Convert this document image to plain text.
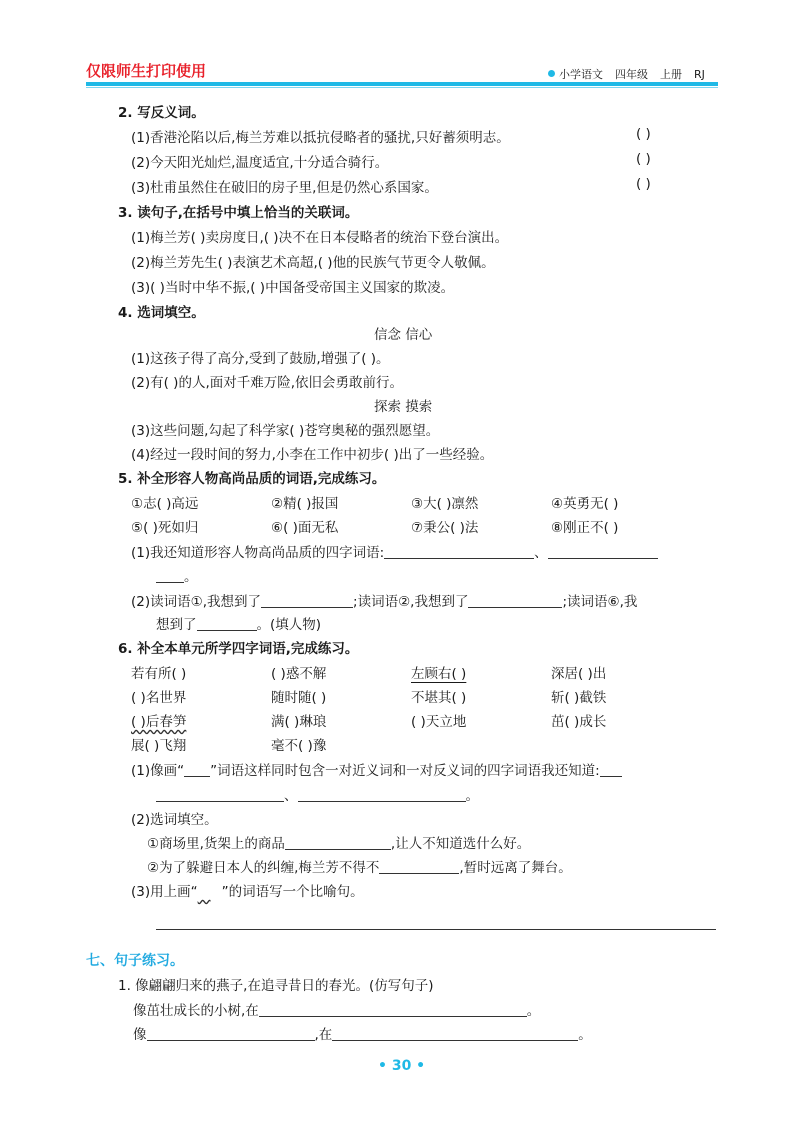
仅限师生打印使用	小学语文 四年级 上册 RJ
2. 写反义词。
(1)香港沦陷以后,梅兰芳难以抵抗侵略者的骚扰,只好蓄须明志。	( )
(2)今天阳光灿烂,温度适宜,十分适合骑行。	( )
(3)杜甫虽然住在破旧的房子里,但是仍然心系国家。	( )
3. 读句子,在括号中填上恰当的关联词。
(1)梅兰芳( )卖房度日,( )决不在日本侵略者的统治下登台演出。
(2)梅兰芳先生( )表演艺术高超,( )他的民族气节更令人敬佩。
(3)( )当时中华不振,( )中国备受帝国主义国家的欺凌。
4. 选词填空。
信念 信心
(1)这孩子得了高分,受到了鼓励,增强了( )。
(2)有( )的人,面对千难万险,依旧会勇敢前行。
探索 摸索
(3)这些问题,勾起了科学家( )苍穹奥秘的强烈愿望。
(4)经过一段时间的努力,小李在工作中初步( )出了一些经验。
5. 补全形容人物高尚品质的词语,完成练习。
①志( )高远	②精( )报国	③大( )凛然	④英勇无( )
⑤( )死如归	⑥( )面无私	⑦秉公( )法	⑧刚正不( )
(1)我还知道形容人物高尚品质的四字词语:	、
。
(2)读词语①,我想到了	;读词语②,我想到了	;读词语⑥,我
想到了	。(填人物)
6. 补全本单元所学四字词语,完成练习。
若有所( )	( )惑不解	左顾右( )	深居( )出
( )名世界	随时随( )	不堪其( )	斩( )截铁
( )后春笋	满( )琳琅	( )天立地	茁( )成长
展( )飞翔	毫不( )豫
(1)像画“ ”词语这样同时包含一对近义词和一对反义词的四字词语我还知道:
、	。
(2)选词填空。
①商场里,货架上的商品	,让人不知道选什么好。
②为了躲避日本人的纠缠,梅兰芳不得不	,暂时远离了舞台。
(3)用上画“ ”的词语写一个比喻句。
七、句子练习。
1. 像翩翩归来的燕子,在追寻昔日的春光。(仿写句子)
像茁壮成长的小树,在	。
像	,在	。
• 30 •
